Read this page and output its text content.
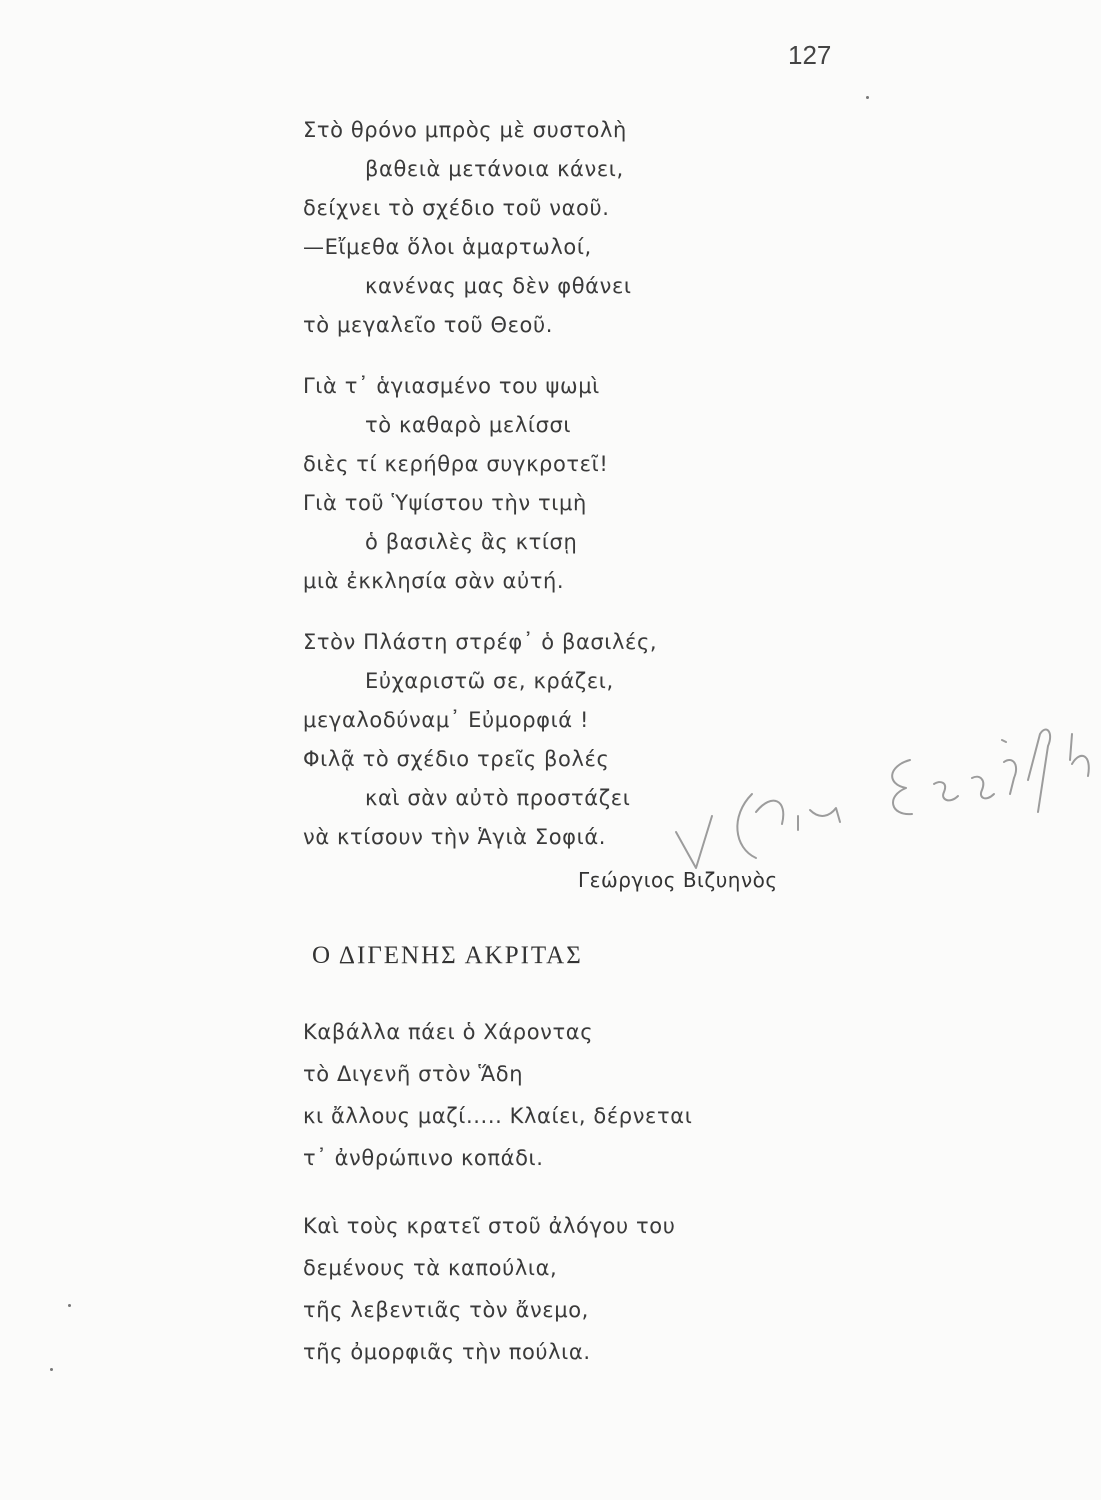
127
Στὸ θρόνο μπρὸς μὲ συστολὴ
βαθειὰ μετάνοια κάνει,
δείχνει τὸ σχέδιο τοῦ ναοῦ.
—Εἴμεθα ὅλοι ἁμαρτωλοί,
κανένας μας δὲν φθάνει
τὸ μεγαλεῖο τοῦ Θεοῦ.
Γιὰ τ᾿ ἁγιασμένο του ψωμὶ
τὸ καθαρὸ μελίσσι
διὲς τί κερήθρα συγκροτεῖ!
Γιὰ τοῦ Ὑψίστου τὴν τιμὴ
ὁ βασιλὲς ἂς κτίσῃ
μιὰ ἐκκλησία σὰν αὐτή.
Στὸν Πλάστη στρέφ᾿ ὁ βασιλές,
Εὐχαριστῶ σε, κράζει,
μεγαλοδύναμ᾿ Εὐμορφιά !
Φιλᾷ τὸ σχέδιο τρεῖς βολές
καὶ σὰν αὐτὸ προστάζει
νὰ κτίσουν τὴν Ἁγιὰ Σοφιά.
Γεώργιος Βιζυηνὸς
Ο ΔΙΓΕΝΗΣ ΑΚΡΙΤΑΣ
Καβάλλα πάει ὁ Χάροντας
τὸ Διγενῆ στὸν Ἅδη
κι ἄλλους μαζί..... Κλαίει, δέρνεται
τ᾿ ἀνθρώπινο κοπάδι.
Καὶ τοὺς κρατεῖ στοῦ ἀλόγου του
δεμένους τὰ καπούλια,
τῆς λεβεντιᾶς τὸν ἄνεμο,
τῆς ὀμορφιᾶς τὴν πούλια.
